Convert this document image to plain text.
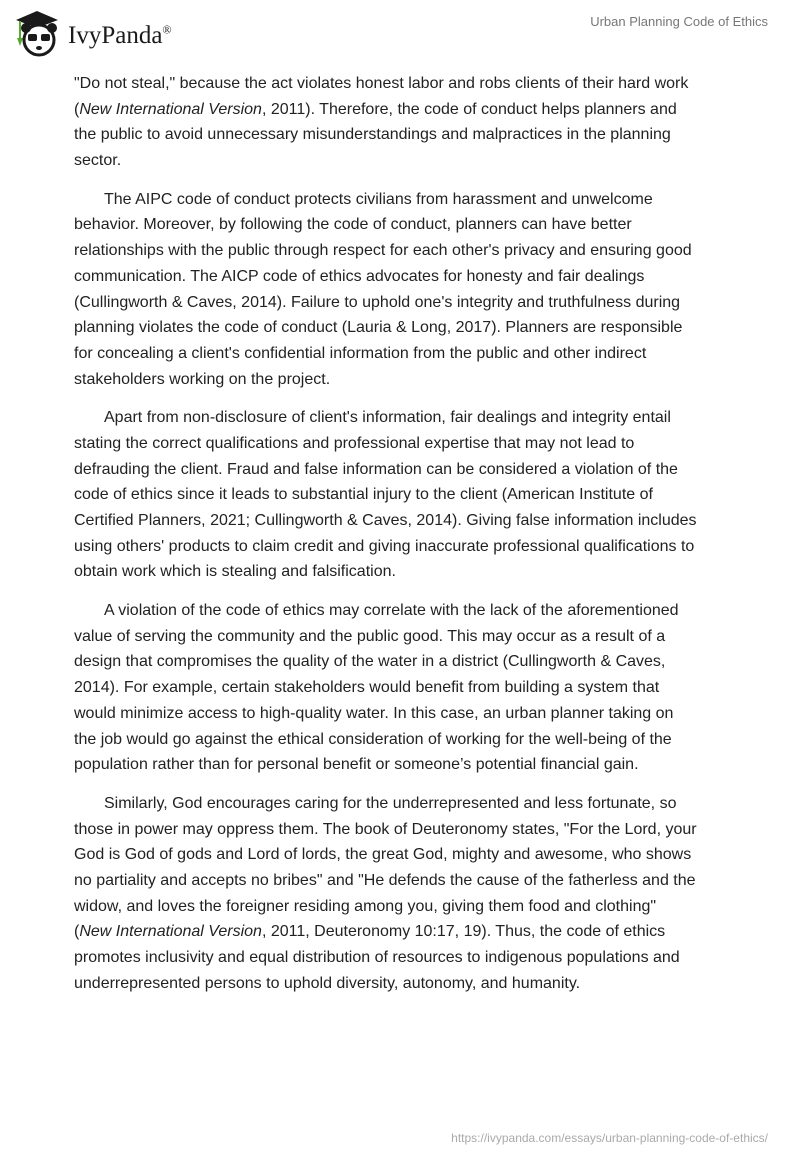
IvyPanda®
Urban Planning Code of Ethics
"Do not steal," because the act violates honest labor and robs clients of their hard work
(New International Version, 2011). Therefore, the code of conduct helps planners and
the public to avoid unnecessary misunderstandings and malpractices in the planning
sector.
The AIPC code of conduct protects civilians from harassment and unwelcome
behavior. Moreover, by following the code of conduct, planners can have better
relationships with the public through respect for each other's privacy and ensuring good
communication. The AICP code of ethics advocates for honesty and fair dealings
(Cullingworth & Caves, 2014). Failure to uphold one's integrity and truthfulness during
planning violates the code of conduct (Lauria & Long, 2017). Planners are responsible
for concealing a client's confidential information from the public and other indirect
stakeholders working on the project.
Apart from non-disclosure of client's information, fair dealings and integrity entail
stating the correct qualifications and professional expertise that may not lead to
defrauding the client. Fraud and false information can be considered a violation of the
code of ethics since it leads to substantial injury to the client (American Institute of
Certified Planners, 2021; Cullingworth & Caves, 2014). Giving false information includes
using others' products to claim credit and giving inaccurate professional qualifications to
obtain work which is stealing and falsification.
A violation of the code of ethics may correlate with the lack of the aforementioned
value of serving the community and the public good. This may occur as a result of a
design that compromises the quality of the water in a district (Cullingworth & Caves,
2014). For example, certain stakeholders would benefit from building a system that
would minimize access to high-quality water. In this case, an urban planner taking on
the job would go against the ethical consideration of working for the well-being of the
population rather than for personal benefit or someone’s potential financial gain.
Similarly, God encourages caring for the underrepresented and less fortunate, so
those in power may oppress them. The book of Deuteronomy states, "For the Lord, your
God is God of gods and Lord of lords, the great God, mighty and awesome, who shows
no partiality and accepts no bribes" and "He defends the cause of the fatherless and the
widow, and loves the foreigner residing among you, giving them food and clothing"
(New International Version, 2011, Deuteronomy 10:17, 19). Thus, the code of ethics
promotes inclusivity and equal distribution of resources to indigenous populations and
underrepresented persons to uphold diversity, autonomy, and humanity.
https://ivypanda.com/essays/urban-planning-code-of-ethics/
